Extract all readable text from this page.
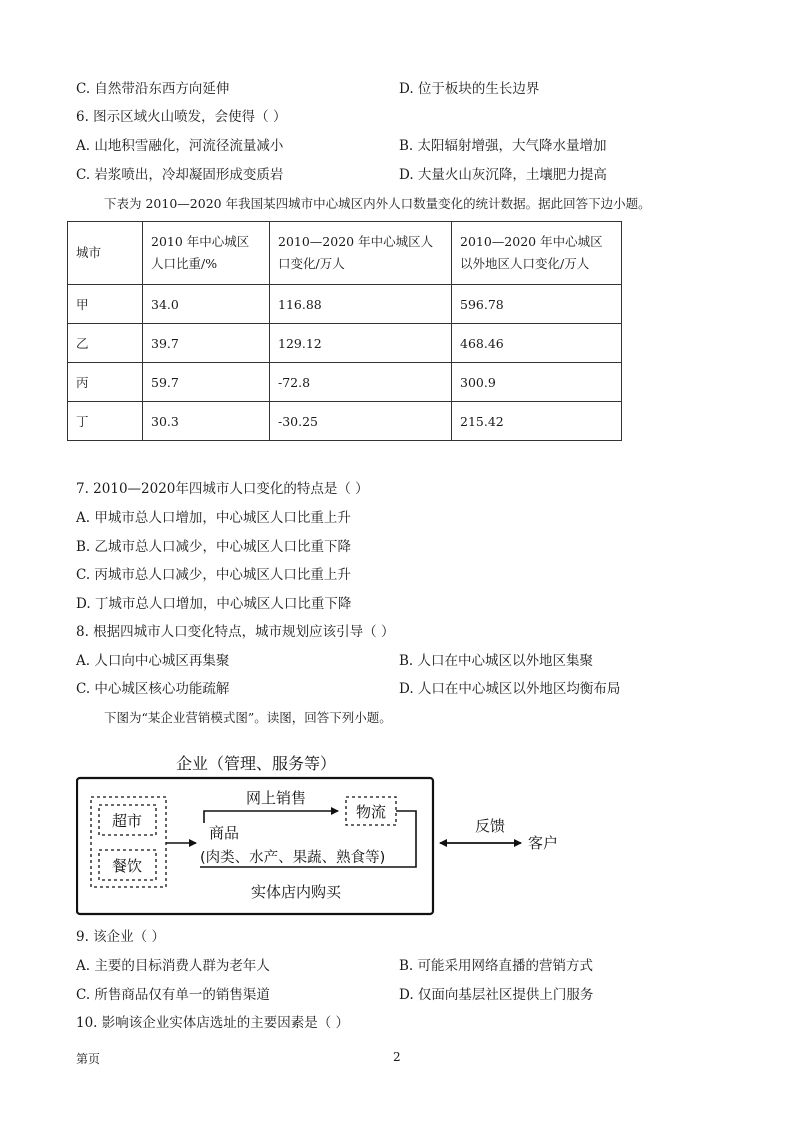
C. 自然带沿东西方向延伸	D. 位于板块的生长边界
6. 图示区域火山喷发，会使得（ ）
A. 山地积雪融化，河流径流量减小	B. 太阳辐射增强，大气降水量增加
C. 岩浆喷出，冷却凝固形成变质岩	D. 大量火山灰沉降，土壤肥力提高
下表为 2010—2020 年我国某四城市中心城区内外人口数量变化的统计数据。据此回答下边小题。
城市	2010 年中心城区人口比重/%	2010—2020 年中心城区人口变化/万人	2010—2020 年中心城区以外地区人口变化/万人
甲	34.0	116.88	596.78
乙	39.7	129.12	468.46
丙	59.7	-72.8	300.9
丁	30.3	-30.25	215.42
7. 2010—2020年四城市人口变化的特点是（ ）
A. 甲城市总人口增加，中心城区人口比重上升
B. 乙城市总人口减少，中心城区人口比重下降
C. 丙城市总人口减少，中心城区人口比重上升
D. 丁城市总人口增加，中心城区人口比重下降
8. 根据四城市人口变化特点，城市规划应该引导（ ）
A. 人口向中心城区再集聚	B. 人口在中心城区以外地区集聚
C. 中心城区核心功能疏解	D. 人口在中心城区以外地区均衡布局
下图为“某企业营销模式图”。读图，回答下列小题。
企业（管理、服务等）
超市
餐饮
商品
(肉类、水产、果蔬、熟食等)
网上销售
物流
实体店内购买
反馈
客户
9. 该企业（ ）
A. 主要的目标消费人群为老年人	B. 可能采用网络直播的营销方式
C. 所售商品仅有单一的销售渠道	D. 仅面向基层社区提供上门服务
10. 影响该企业实体店选址的主要因素是（ ）
第页	2
